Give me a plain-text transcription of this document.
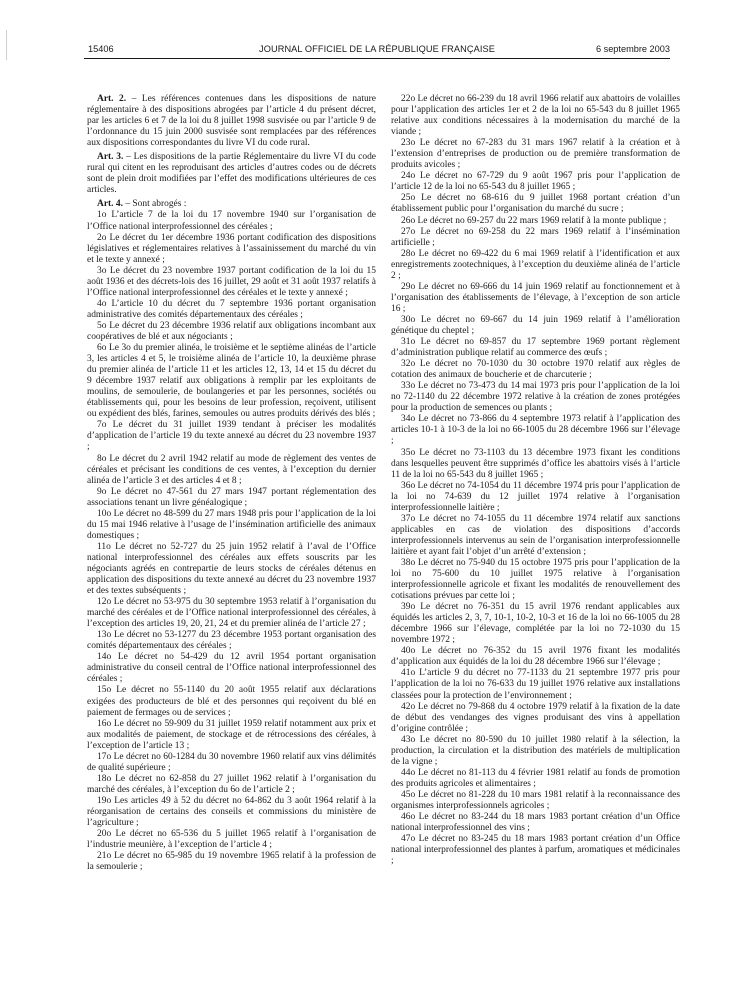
15406	JOURNAL OFFICIEL DE LA RÉPUBLIQUE FRANÇAISE	6 septembre 2003

Art. 2. – Les références contenues dans les dispositions de nature réglementaire à des dispositions abrogées par l’article 4 du présent décret, par les articles 6 et 7 de la loi du 8 juillet 1998 susvisée ou par l’article 9 de l’ordonnance du 15 juin 2000 susvisée sont remplacées par des références aux dispositions correspondantes du livre VI du code rural.

Art. 3. – Les dispositions de la partie Réglementaire du livre VI du code rural qui citent en les reproduisant des articles d’autres codes ou de décrets sont de plein droit modifiées par l’effet des modifications ultérieures de ces articles.

Art. 4. – Sont abrogés :

1o L’article 7 de la loi du 17 novembre 1940 sur l’organisation de l’Office national interprofessionnel des céréales ;

2o Le décret du 1er décembre 1936 portant codification des dispositions législatives et réglementaires relatives à l’assainissement du marché du vin et le texte y annexé ;

3o Le décret du 23 novembre 1937 portant codification de la loi du 15 août 1936 et des décrets-lois des 16 juillet, 29 août et 31 août 1937 relatifs à l’Office national interprofessionnel des céréales et le texte y annexé ;

4o L’article 10 du décret du 7 septembre 1936 portant organisation administrative des comités départementaux des céréales ;

5o Le décret du 23 décembre 1936 relatif aux obligations incombant aux coopératives de blé et aux négociants ;

6o Le 3o du premier alinéa, le troisième et le septième alinéas de l’article 3, les articles 4 et 5, le troisième alinéa de l’article 10, la deuxième phrase du premier alinéa de l’article 11 et les articles 12, 13, 14 et 15 du décret du 9 décembre 1937 relatif aux obligations à remplir par les exploitants de moulins, de semoulerie, de boulangeries et par les personnes, sociétés ou établissements qui, pour les besoins de leur profession, reçoivent, utilisent ou expédient des blés, farines, semoules ou autres produits dérivés des blés ;

7o Le décret du 31 juillet 1939 tendant à préciser les modalités d’application de l’article 19 du texte annexé au décret du 23 novembre 1937 ;

8o Le décret du 2 avril 1942 relatif au mode de règlement des ventes de céréales et précisant les conditions de ces ventes, à l’exception du dernier alinéa de l’article 3 et des articles 4 et 8 ;

9o Le décret no 47-561 du 27 mars 1947 portant réglementation des associations tenant un livre généalogique ;

10o Le décret no 48-599 du 27 mars 1948 pris pour l’application de la loi du 15 mai 1946 relative à l’usage de l’insémination artificielle des animaux domestiques ;

11o Le décret no 52-727 du 25 juin 1952 relatif à l’aval de l’Office national interprofessionnel des céréales aux effets souscrits par les négociants agréés en contrepartie de leurs stocks de céréales détenus en application des dispositions du texte annexé au décret du 23 novembre 1937 et des textes subséquents ;

12o Le décret no 53-975 du 30 septembre 1953 relatif à l’organisation du marché des céréales et de l’Office national interprofessionnel des céréales, à l’exception des articles 19, 20, 21, 24 et du premier alinéa de l’article 27 ;

13o Le décret no 53-1277 du 23 décembre 1953 portant organisation des comités départementaux des céréales ;

14o Le décret no 54-429 du 12 avril 1954 portant organisation administrative du conseil central de l’Office national interprofessionnel des céréales ;

15o Le décret no 55-1140 du 20 août 1955 relatif aux déclarations exigées des producteurs de blé et des personnes qui reçoivent du blé en paiement de fermages ou de services ;

16o Le décret no 59-909 du 31 juillet 1959 relatif notamment aux prix et aux modalités de paiement, de stockage et de rétrocessions des céréales, à l’exception de l’article 13 ;

17o Le décret no 60-1284 du 30 novembre 1960 relatif aux vins délimités de qualité supérieure ;

18o Le décret no 62-858 du 27 juillet 1962 relatif à l’organisation du marché des céréales, à l’exception du 6o de l’article 2 ;

19o Les articles 49 à 52 du décret no 64-862 du 3 août 1964 relatif à la réorganisation de certains des conseils et commissions du ministère de l’agriculture ;

20o Le décret no 65-536 du 5 juillet 1965 relatif à l’organisation de l’industrie meunière, à l’exception de l’article 4 ;

21o Le décret no 65-985 du 19 novembre 1965 relatif à la profession de la semoulerie ;

22o Le décret no 66-239 du 18 avril 1966 relatif aux abattoirs de volailles pour l’application des articles 1er et 2 de la loi no 65-543 du 8 juillet 1965 relative aux conditions nécessaires à la modernisation du marché de la viande ;

23o Le décret no 67-283 du 31 mars 1967 relatif à la création et à l’extension d’entreprises de production ou de première transformation de produits avicoles ;

24o Le décret no 67-729 du 9 août 1967 pris pour l’application de l’article 12 de la loi no 65-543 du 8 juillet 1965 ;

25o Le décret no 68-616 du 9 juillet 1968 portant création d’un établissement public pour l’organisation du marché du sucre ;

26o Le décret no 69-257 du 22 mars 1969 relatif à la monte publique ;

27o Le décret no 69-258 du 22 mars 1969 relatif à l’insémination artificielle ;

28o Le décret no 69-422 du 6 mai 1969 relatif à l’identification et aux enregistrements zootechniques, à l’exception du deuxième alinéa de l’article 2 ;

29o Le décret no 69-666 du 14 juin 1969 relatif au fonctionnement et à l’organisation des établissements de l’élevage, à l’exception de son article 16 ;

30o Le décret no 69-667 du 14 juin 1969 relatif à l’amélioration génétique du cheptel ;

31o Le décret no 69-857 du 17 septembre 1969 portant règlement d’administration publique relatif au commerce des œufs ;

32o Le décret no 70-1030 du 30 octobre 1970 relatif aux règles de cotation des animaux de boucherie et de charcuterie ;

33o Le décret no 73-473 du 14 mai 1973 pris pour l’application de la loi no 72-1140 du 22 décembre 1972 relative à la création de zones protégées pour la production de semences ou plants ;

34o Le décret no 73-866 du 4 septembre 1973 relatif à l’application des articles 10-1 à 10-3 de la loi no 66-1005 du 28 décembre 1966 sur l’élevage ;

35o Le décret no 73-1103 du 13 décembre 1973 fixant les conditions dans lesquelles peuvent être supprimés d’office les abattoirs visés à l’article 11 de la loi no 65-543 du 8 juillet 1965 ;

36o Le décret no 74-1054 du 11 décembre 1974 pris pour l’application de la loi no 74-639 du 12 juillet 1974 relative à l’organisation interprofessionnelle laitière ;

37o Le décret no 74-1055 du 11 décembre 1974 relatif aux sanctions applicables en cas de violation des dispositions d’accords interprofessionnels intervenus au sein de l’organisation interprofessionnelle laitière et ayant fait l’objet d’un arrêté d’extension ;

38o Le décret no 75-940 du 15 octobre 1975 pris pour l’application de la loi no 75-600 du 10 juillet 1975 relative à l’organisation interprofessionnelle agricole et fixant les modalités de renouvellement des cotisations prévues par cette loi ;

39o Le décret no 76-351 du 15 avril 1976 rendant applicables aux équidés les articles 2, 3, 7, 10-1, 10-2, 10-3 et 16 de la loi no 66-1005 du 28 décembre 1966 sur l’élevage, complétée par la loi no 72-1030 du 15 novembre 1972 ;

40o Le décret no 76-352 du 15 avril 1976 fixant les modalités d’application aux équidés de la loi du 28 décembre 1966 sur l’élevage ;

41o L’article 9 du décret no 77-1133 du 21 septembre 1977 pris pour l’application de la loi no 76-633 du 19 juillet 1976 relative aux installations classées pour la protection de l’environnement ;

42o Le décret no 79-868 du 4 octobre 1979 relatif à la fixation de la date de début des vendanges des vignes produisant des vins à appellation d’origine contrôlée ;

43o Le décret no 80-590 du 10 juillet 1980 relatif à la sélection, la production, la circulation et la distribution des matériels de multiplication de la vigne ;

44o Le décret no 81-113 du 4 février 1981 relatif au fonds de promotion des produits agricoles et alimentaires ;

45o Le décret no 81-228 du 10 mars 1981 relatif à la reconnaissance des organismes interprofessionnels agricoles ;

46o Le décret no 83-244 du 18 mars 1983 portant création d’un Office national interprofessionnel des vins ;

47o Le décret no 83-245 du 18 mars 1983 portant création d’un Office national interprofessionnel des plantes à parfum, aromatiques et médicinales ;
